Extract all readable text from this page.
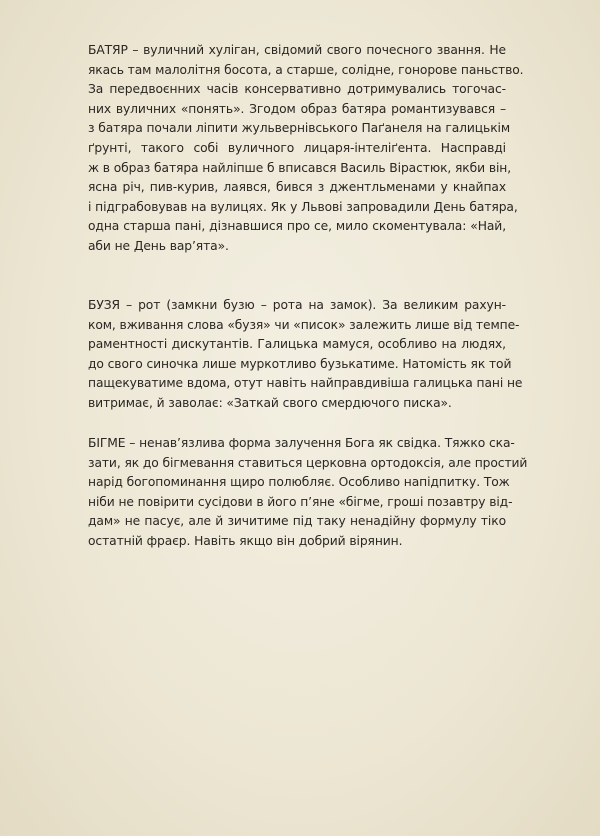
БАТЯР – вуличний хуліган, свідомий свого почесного звання. Не
якась там малолітня босота, а старше, солідне, гонорове паньство.
За передвоєнних часів консервативно дотримувались тогочас-
них вуличних «понять». Згодом образ батяра романтизувався –
з батяра почали ліпити жульвернівського Паґанеля на галицькім
ґрунті, такого собі вуличного лицаря-інтеліґента. Насправді
ж в образ батяра найліпше б вписався Василь Вірастюк, якби він,
ясна річ, пив-курив, лаявся, бився з джентльменами у кнайпах
і підграбовував на вулицях. Як у Львові запровадили День батяра,
одна старша пані, дізнавшися про се, мило скоментувала: «Най,
аби не День вар’ята».
БУЗЯ – рот (замкни бузю – рота на замок). За великим рахун-
ком, вживання слова «бузя» чи «писок» залежить лише від темпе-
раментності дискутантів. Галицька мамуся, особливо на людях,
до свого синочка лише муркотливо бузькатиме. Натомість як той
пащекуватиме вдома, отут навіть найправдивіша галицька пані не
витримає, й заволає: «Заткай свого смердючого писка».
БІГМЕ – ненав’язлива форма залучення Бога як свідка. Тяжко ска-
зати, як до бігмевання ставиться церковна ортодоксія, але простий
нарід богопоминання щиро полюбляє. Особливо напідпитку. Тож
ніби не повірити сусідови в його п’яне «бігме, гроші позавтру від-
дам» не пасує, але й зичитиме під таку ненадійну формулу тіко
остатній фраєр. Навіть якщо він добрий вірянин.
